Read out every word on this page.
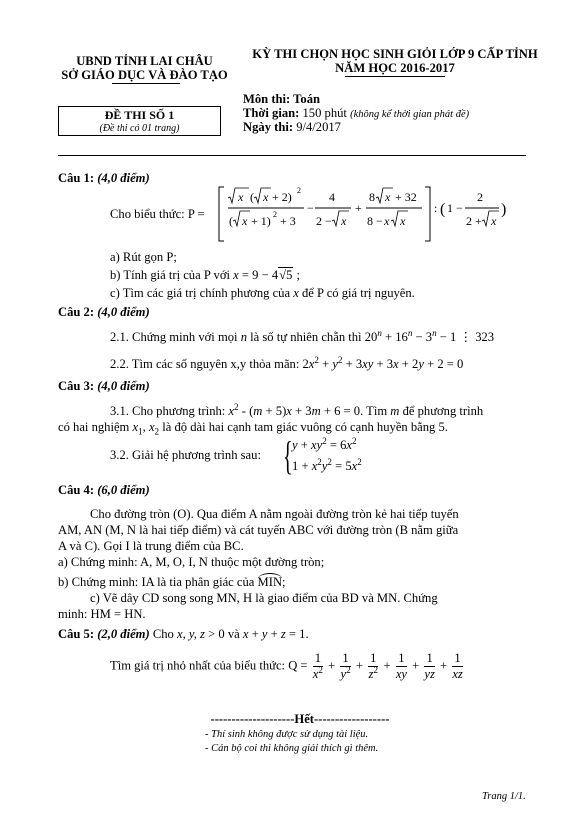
UBND TỈNH LAI CHÂU
SỞ GIÁO DỤC VÀ ĐÀO TẠO
KỲ THI CHỌN HỌC SINH GIỎI LỚP 9 CẤP TỈNH
NĂM HỌC 2016-2017
ĐỀ THI SỐ 1
(Đề thi có 01 trang)
Môn thi: Toán
Thời gian: 150 phút (không kể thời gian phát đề)
Ngày thi: 9/4/2017
Câu 1: (4,0 điểm)
Cho biểu thức: P =
x ( x + 2) 2
( x + 1) 2 + 3
−
4
2 − x
+
8 x + 32
8 − x x
: ( 1 −
2
2 + x
)
a) Rút gọn P;
b) Tính giá trị của P với x = 9 − 4√5 ;
c) Tìm các giá trị chính phương của x để P có giá trị nguyên.
Câu 2: (4,0 điểm)
2.1. Chứng minh với mọi n là số tự nhiên chẵn thì $20^n + 16^n - 3^n - 1$ ⋮ 323
2.2. Tìm các số nguyên x,y thỏa mãn: $2x^2 + y^2 + 3xy + 3x + 2y + 2 = 0$
Câu 3: (4,0 điểm)
3.1. Cho phương trình: $x^2 - (m + 5)x + 3m + 6 = 0$. Tìm m để phương trình
có hai nghiệm $x_1$, $x_2$ là độ dài hai cạnh tam giác vuông có cạnh huyền bằng 5.
3.2. Giải hệ phương trình sau: { $y + xy^2 = 6x^2$
$1 + x^2y^2 = 5x^2$
Câu 4: (6,0 điểm)
Cho đường tròn (O). Qua điểm A nằm ngoài đường tròn kẻ hai tiếp tuyến
AM, AN (M, N là hai tiếp điểm) và cát tuyến ABC với đường tròn (B nằm giữa
A và C). Gọi I là trung điểm của BC.
a) Chứng minh: A, M, O, I, N thuộc một đường tròn;
b) Chứng minh: IA là tia phân giác của MIN;
c) Vẽ dây CD song song MN, H là giao điểm của BD và MN. Chứng
minh: HM = HN.
Câu 5: (2,0 điểm) Cho x, y, z > 0 và x + y + z = 1.
Tìm giá trị nhỏ nhất của biểu thức: $Q = \frac{1}{x^2} + \frac{1}{y^2} + \frac{1}{z^2} + \frac{1}{xy} + \frac{1}{yz} + \frac{1}{xz}$
--------------------Hết------------------
- Thí sinh không được sử dụng tài liệu.
- Cán bộ coi thi không giải thích gì thêm.
Trang 1/1.
